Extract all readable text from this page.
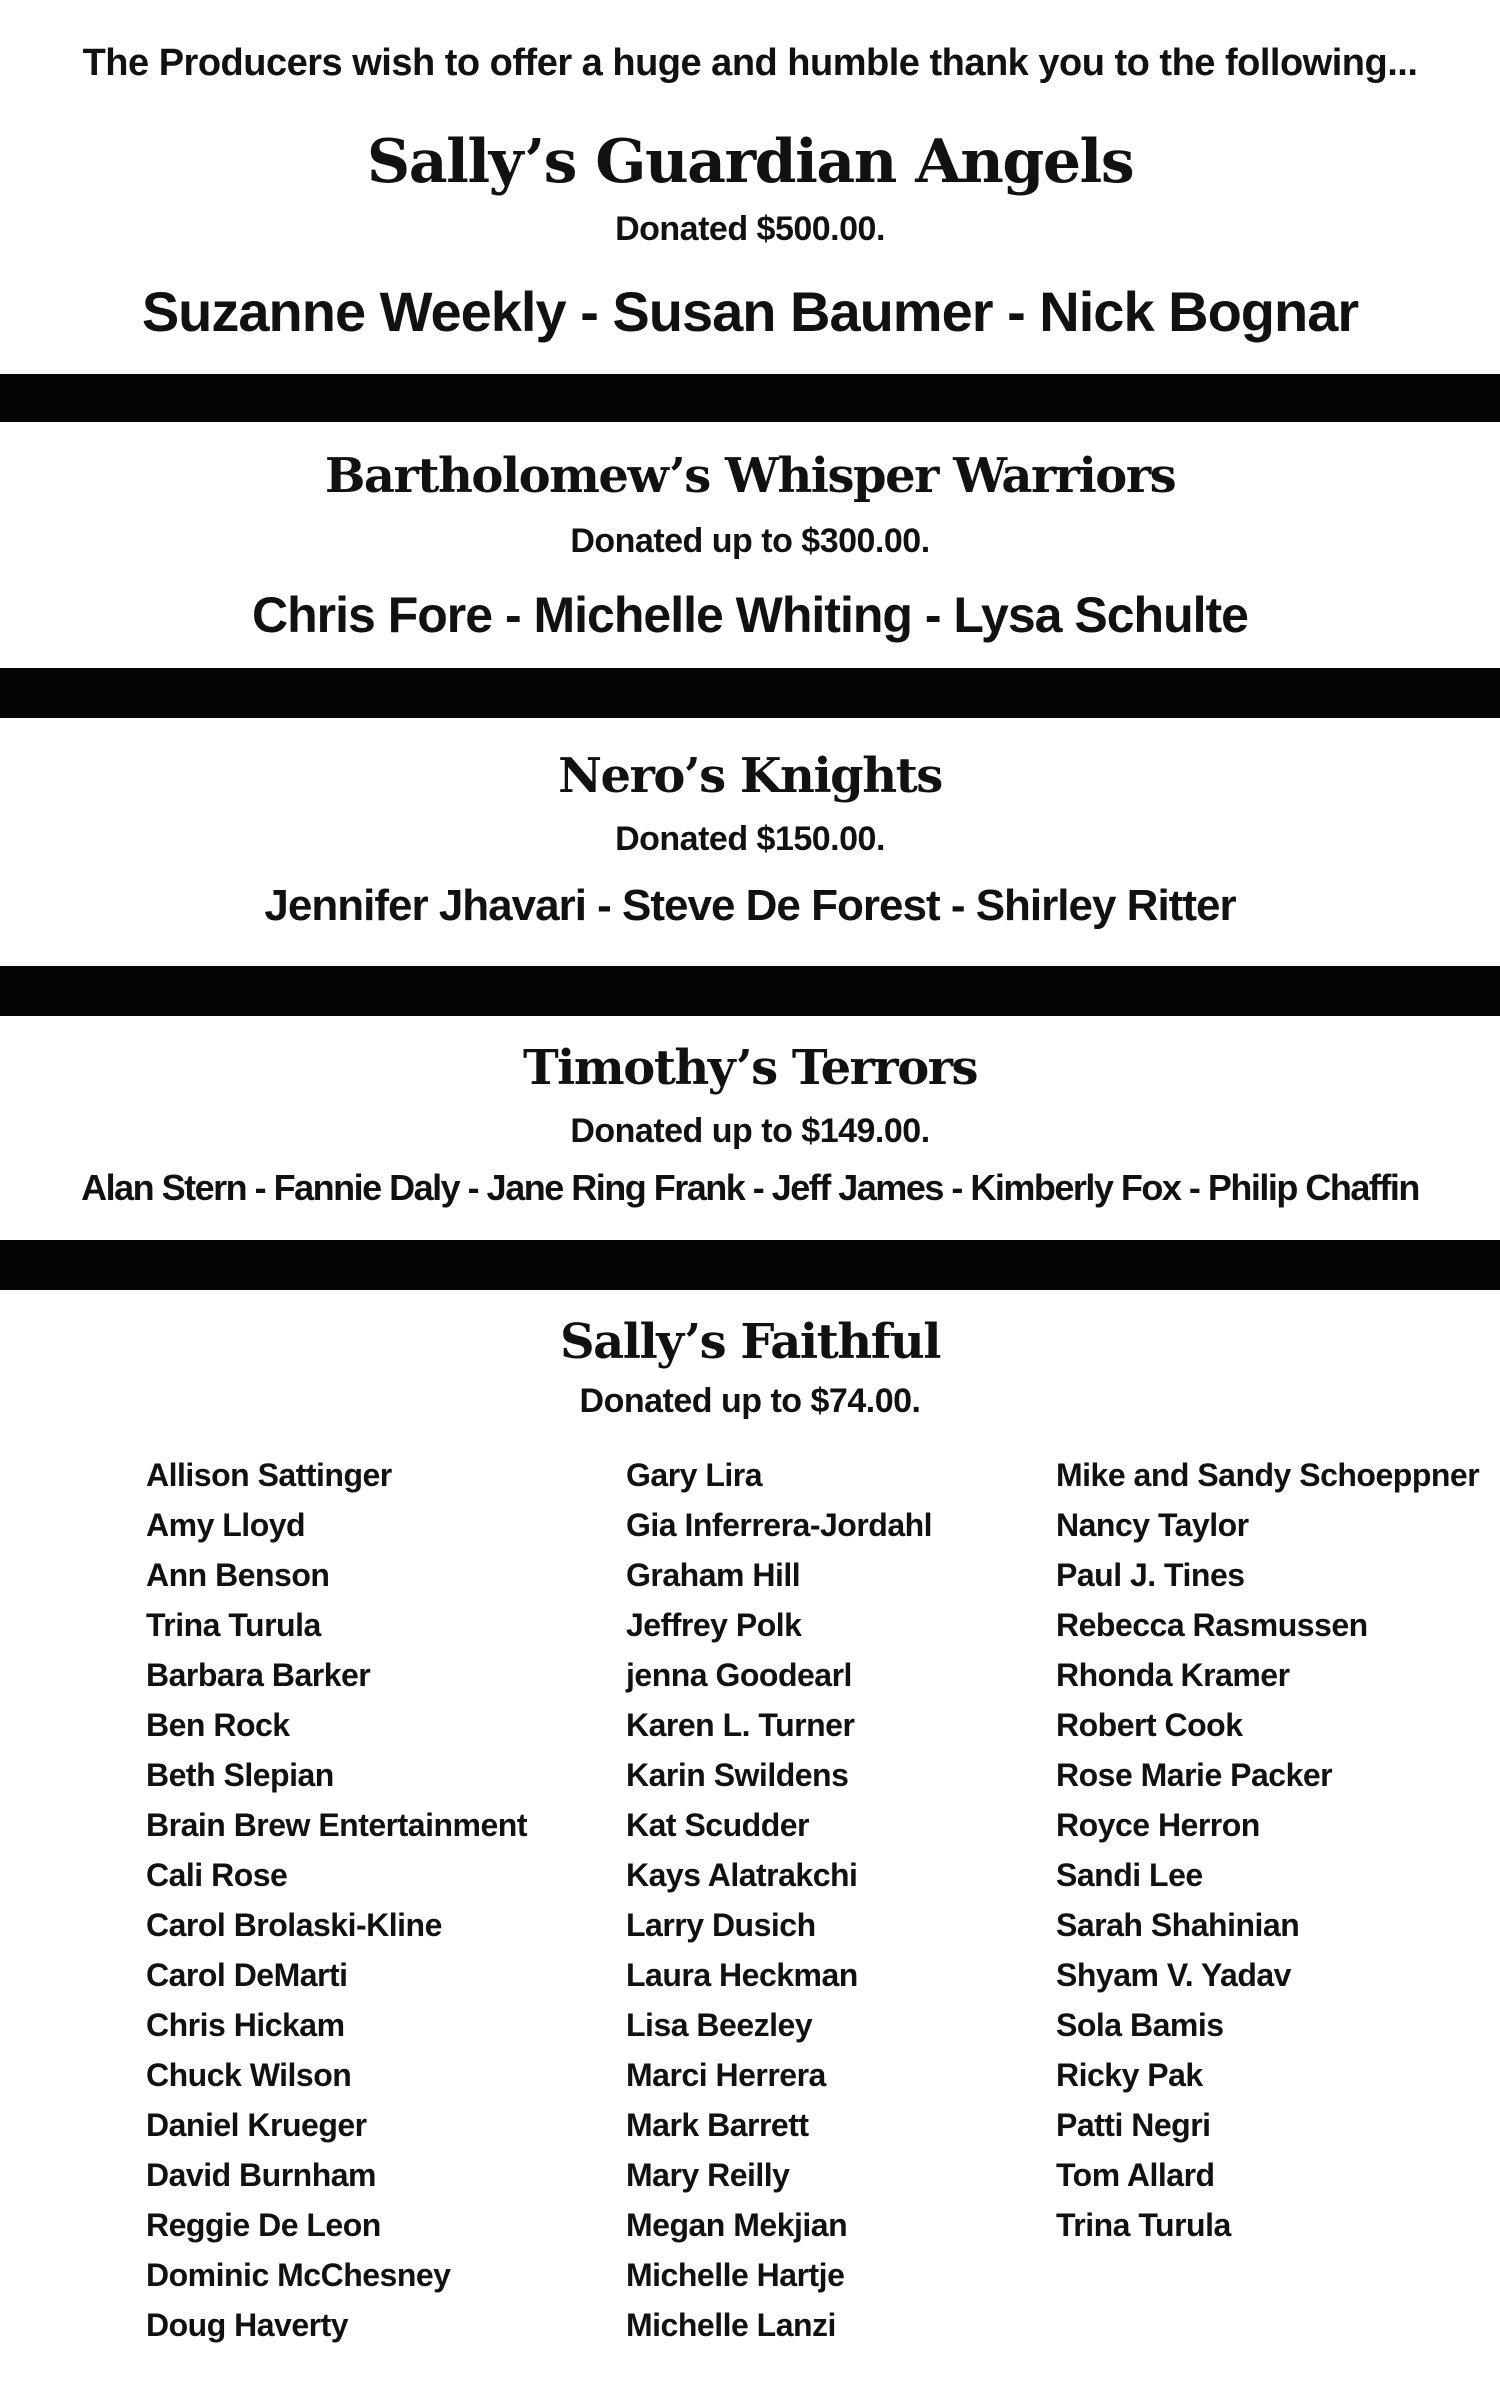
The Producers wish to offer a huge and humble thank you to the following...
Sally’s Guardian Angels
Donated $500.00.
Suzanne Weekly - Susan Baumer - Nick Bognar
Bartholomew’s Whisper Warriors
Donated up to $300.00.
Chris Fore - Michelle Whiting - Lysa Schulte
Nero’s Knights
Donated $150.00.
Jennifer Jhavari - Steve De Forest - Shirley Ritter
Timothy’s Terrors
Donated up to $149.00.
Alan Stern - Fannie Daly - Jane Ring Frank - Jeff James - Kimberly Fox - Philip Chaffin
Sally’s Faithful
Donated up to $74.00.
Allison Sattinger
Amy Lloyd
Ann Benson
Trina Turula
Barbara Barker
Ben Rock
Beth Slepian
Brain Brew Entertainment
Cali Rose
Carol Brolaski-Kline
Carol DeMarti
Chris Hickam
Chuck Wilson
Daniel Krueger
David Burnham
Reggie De Leon
Dominic McChesney
Doug Haverty
Gary Lira
Gia Inferrera-Jordahl
Graham Hill
Jeffrey Polk
jenna Goodearl
Karen L. Turner
Karin Swildens
Kat Scudder
Kays Alatrakchi
Larry Dusich
Laura Heckman
Lisa Beezley
Marci Herrera
Mark Barrett
Mary Reilly
Megan Mekjian
Michelle Hartje
Michelle Lanzi
Mike and Sandy Schoeppner
Nancy Taylor
Paul J. Tines
Rebecca Rasmussen
Rhonda Kramer
Robert Cook
Rose Marie Packer
Royce Herron
Sandi Lee
Sarah Shahinian
Shyam V. Yadav
Sola Bamis
Ricky Pak
Patti Negri
Tom Allard
Trina Turula
